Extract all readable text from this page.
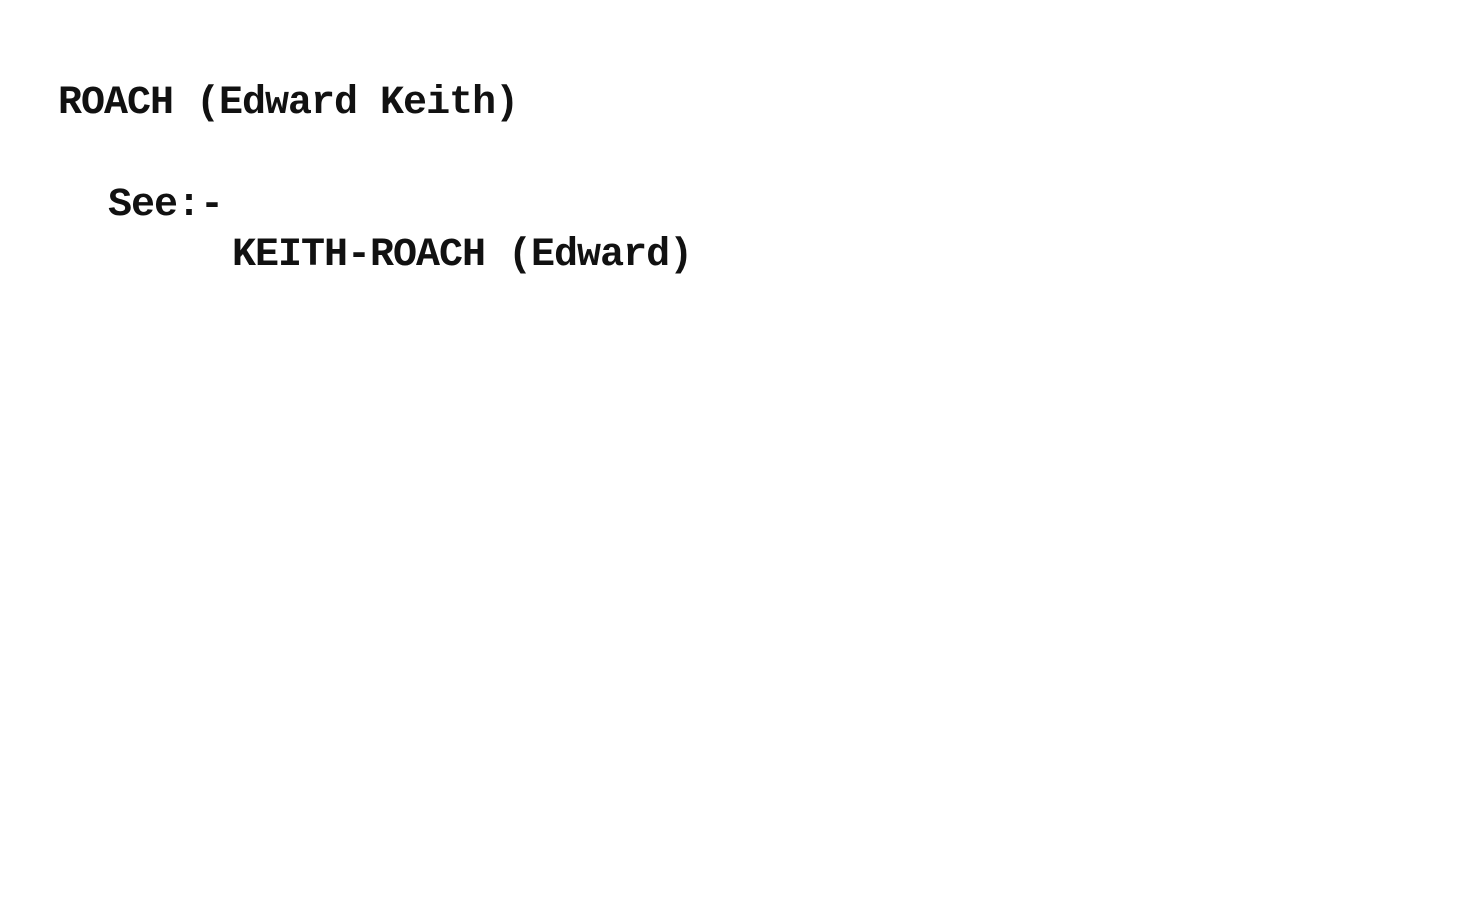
ROACH (Edward Keith)

See:-

KEITH-ROACH (Edward)
